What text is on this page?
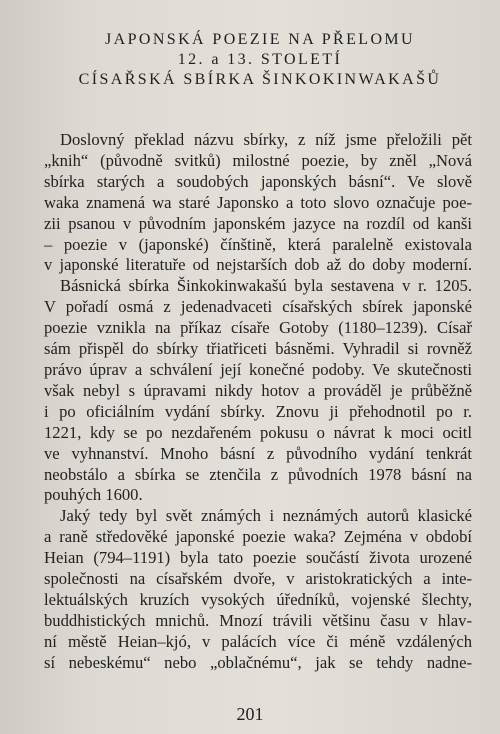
JAPONSKÁ POEZIE NA PŘELOMU
12. a 13. STOLETÍ
CÍSAŘSKÁ SBÍRKA ŠINKOKINWAKAŠŮ
Doslovný překlad názvu sbírky, z níž jsme přeložili pět
„knih“ (původně svitků) milostné poezie, by zněl „Nová
sbírka starých a soudobých japonských básní“. Ve slově
waka znamená wa staré Japonsko a toto slovo označuje poe-
zii psanou v původním japonském jazyce na rozdíl od kanši
– poezie v (japonské) čínštině, která paralelně existovala
v japonské literatuře od nejstarších dob až do doby moderní.
Básnická sbírka Šinkokinwakašú byla sestavena v r. 1205.
V pořadí osmá z jedenadvaceti císařských sbírek japonské
poezie vznikla na příkaz císaře Gotoby (1180–1239). Císař
sám přispěl do sbírky třiatřiceti básněmi. Vyhradil si rovněž
právo úprav a schválení její konečné podoby. Ve skutečnosti
však nebyl s úpravami nikdy hotov a prováděl je průběžně
i po oficiálním vydání sbírky. Znovu ji přehodnotil po r.
1221, kdy se po nezdařeném pokusu o návrat k moci ocitl
ve vyhnanství. Mnoho básní z původního vydání tenkrát
neobstálo a sbírka se ztenčila z původních 1978 básní na
pouhých 1600.
Jaký tedy byl svět známých i neznámých autorů klasické
a raně středověké japonské poezie waka? Zejména v období
Heian (794–1191) byla tato poezie součástí života urozené
společnosti na císařském dvoře, v aristokratických a inte-
lektuálských kruzích vysokých úředníků, vojenské šlechty,
buddhistických mnichů. Mnozí trávili většinu času v hlav-
ní městě Heian–kjó, v palácích více či méně vzdálených
sí nebeskému“ nebo „oblačnému“, jak se tehdy nadne-
201
